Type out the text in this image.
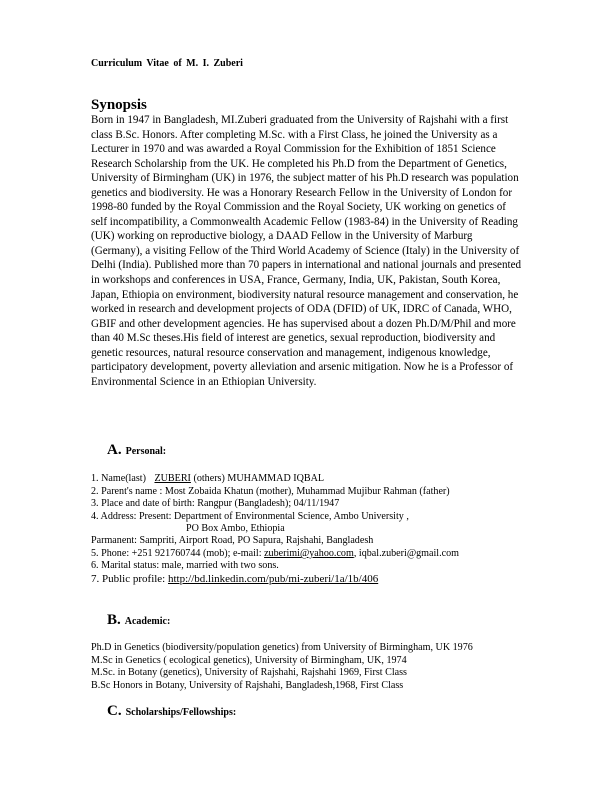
Curriculum Vitae of M. I. Zuberi
Synopsis
Born in 1947 in Bangladesh, MI.Zuberi graduated from the University of Rajshahi with a first class B.Sc. Honors. After completing M.Sc. with a First Class, he joined the University as a Lecturer in 1970 and was awarded a Royal Commission for the Exhibition of 1851 Science Research Scholarship from the UK. He completed his Ph.D from the Department of Genetics, University of Birmingham (UK) in 1976, the subject matter of his Ph.D research was population genetics and biodiversity. He was a Honorary Research Fellow in the University of London for 1998-80 funded by the Royal Commission and the Royal Society, UK working on genetics of self incompatibility, a Commonwealth Academic Fellow (1983-84) in the University of Reading (UK) working on reproductive biology, a DAAD Fellow in the University of Marburg (Germany), a visiting Fellow of the Third World Academy of Science (Italy) in the University of Delhi (India). Published more than 70 papers in international and national journals and presented in workshops and conferences in USA, France, Germany, India, UK, Pakistan, South Korea, Japan, Ethiopia on environment, biodiversity natural resource management and conservation, he worked in research and development projects of ODA (DFID) of UK, IDRC of Canada, WHO, GBIF and other development agencies. He has supervised about a dozen Ph.D/M/Phil and more than 40 M.Sc theses.His field of interest are genetics, sexual reproduction, biodiversity and genetic resources, natural resource conservation and management, indigenous knowledge, participatory development, poverty alleviation and arsenic mitigation. Now he is a Professor of Environmental Science in an Ethiopian University.
A. Personal:
1. Name(last) ZUBERI (others) MUHAMMAD IQBAL
2. Parent's name : Most Zobaida Khatun (mother), Muhammad Mujibur Rahman (father)
3. Place and date of birth: Rangpur (Bangladesh); 04/11/1947
4. Address: Present: Department of Environmental Science, Ambo University ,
PO Box Ambo, Ethiopia
Parmanent: Sampriti, Airport Road, PO Sapura, Rajshahi, Bangladesh
5. Phone: +251 921760744 (mob); e-mail: zuberimi@yahoo.com, iqbal.zuberi@gmail.com
6. Marital status: male, married with two sons.
7. Public profile: http://bd.linkedin.com/pub/mi-zuberi/1a/1b/406
B. Academic:
Ph.D in Genetics (biodiversity/population genetics) from University of Birmingham, UK 1976
M.Sc in Genetics ( ecological genetics), University of Birmingham, UK, 1974
M.Sc. in Botany (genetics), University of Rajshahi, Rajshahi 1969, First Class
B.Sc Honors in Botany, University of Rajshahi, Bangladesh,1968, First Class
C. Scholarships/Fellowships:
